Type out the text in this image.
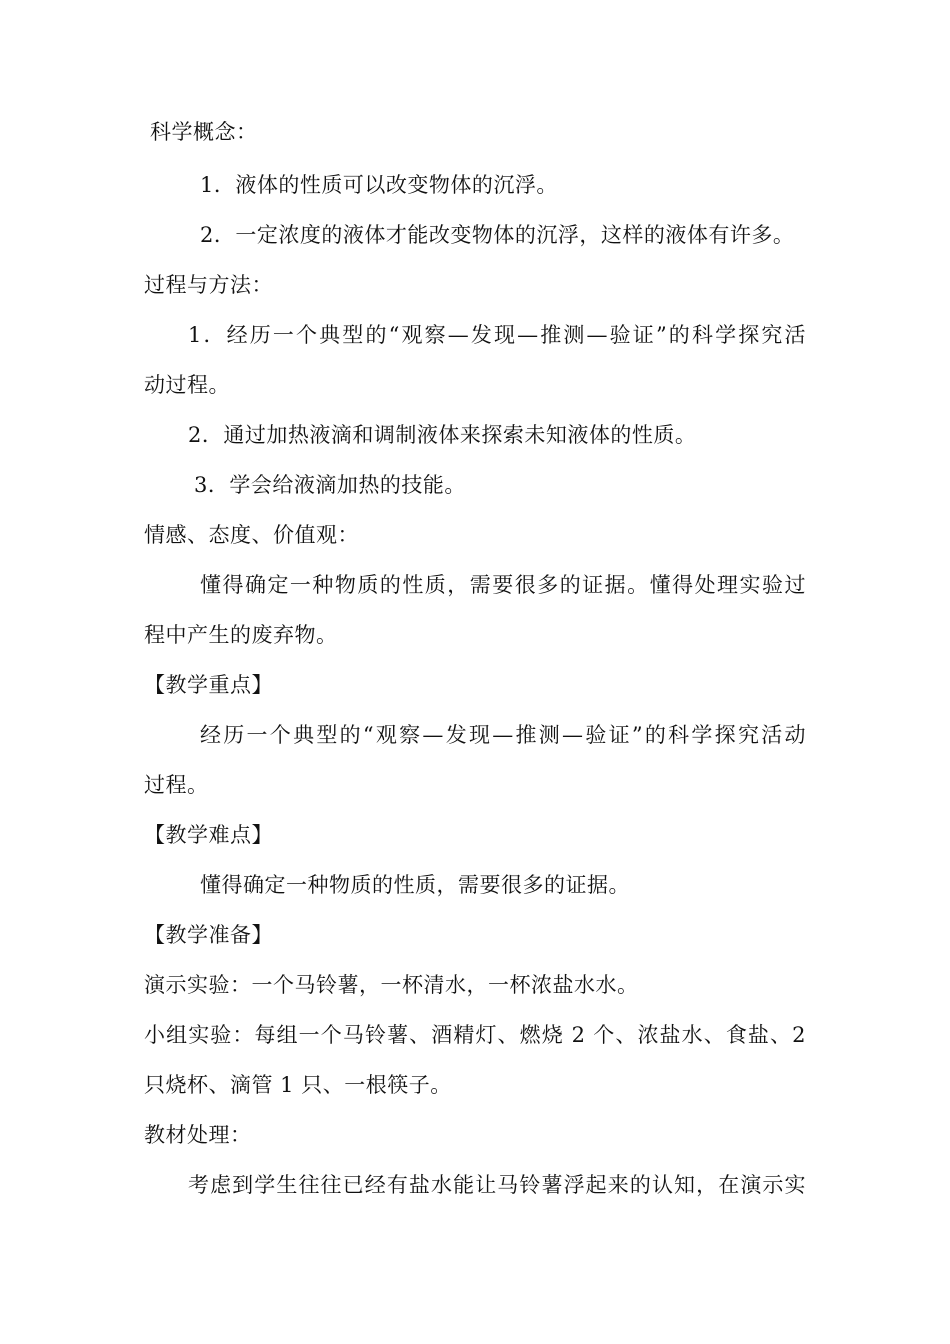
科学概念：
1．液体的性质可以改变物体的沉浮。
2．一定浓度的液体才能改变物体的沉浮，这样的液体有许多。
过程与方法：
1．经历一个典型的“观察—发现—推测—验证”的科学探究活
动过程。
2．通过加热液滴和调制液体来探索未知液体的性质。
3．学会给液滴加热的技能。
情感、态度、价值观：
懂得确定一种物质的性质，需要很多的证据。懂得处理实验过
程中产生的废弃物。
【教学重点】
经历一个典型的“观察—发现—推测—验证”的科学探究活动
过程。
【教学难点】
懂得确定一种物质的性质，需要很多的证据。
【教学准备】
演示实验：一个马铃薯，一杯清水，一杯浓盐水水。
小组实验：每组一个马铃薯、酒精灯、燃烧 2 个、浓盐水、食盐、2
只烧杯、滴管 1 只、一根筷子。
教材处理：
考虑到学生往往已经有盐水能让马铃薯浮起来的认知，在演示实
